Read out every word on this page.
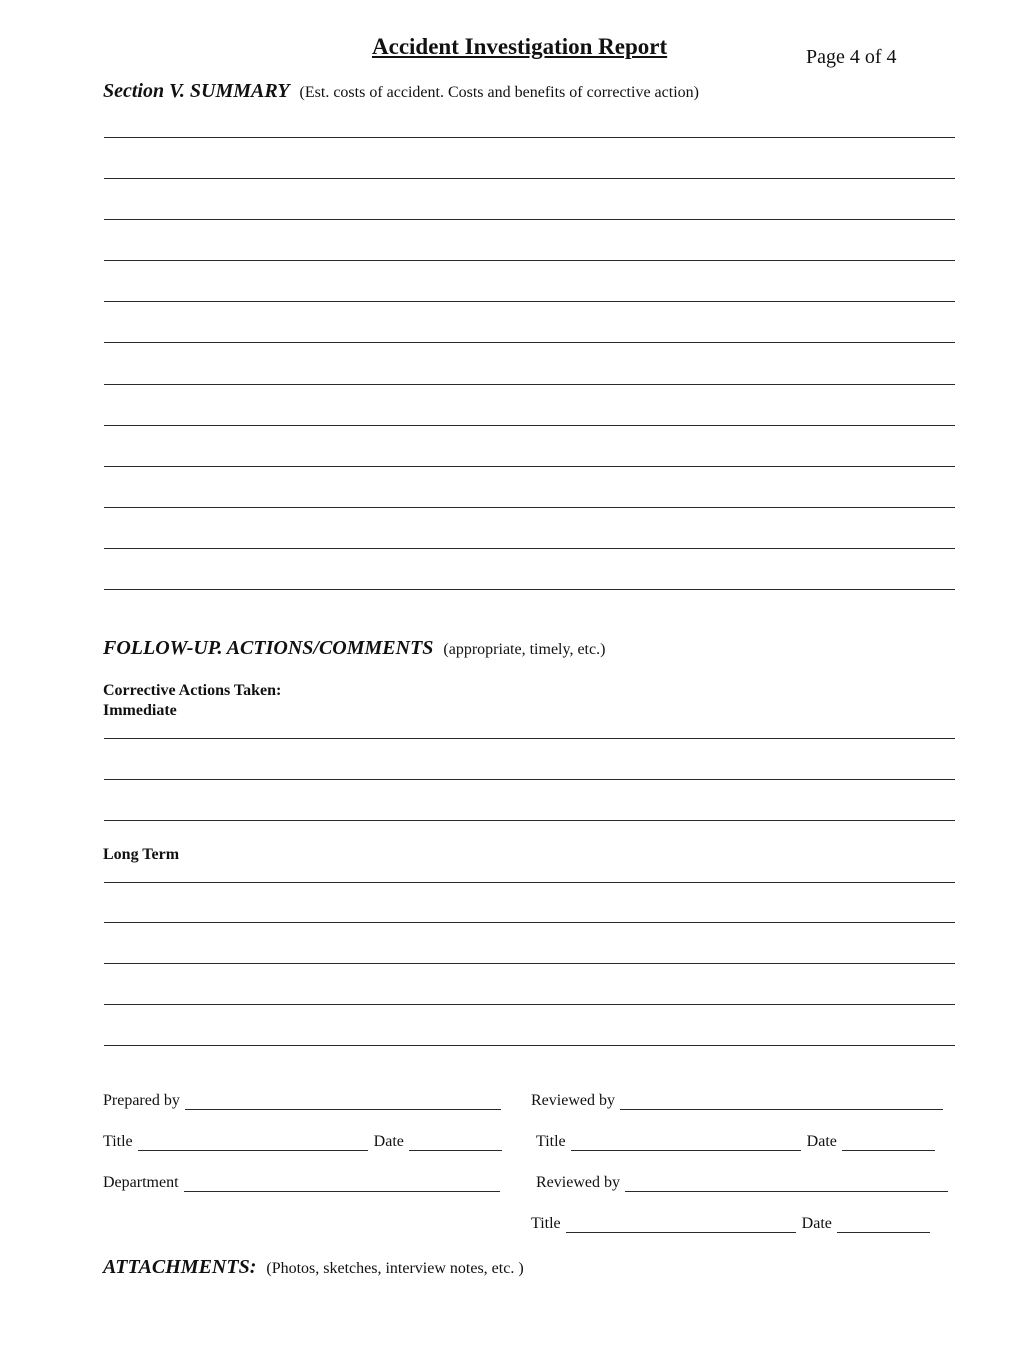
Accident Investigation Report	Page 4 of 4
Section V. SUMMARY (Est. costs of accident. Costs and benefits of corrective action)
FOLLOW-UP. ACTIONS/COMMENTS (appropriate, timely, etc.)
Corrective Actions Taken:
Immediate
Long Term
Prepared by
Title	Date
Department
Reviewed by
Title	Date
Reviewed by
Title	Date
ATTACHMENTS: (Photos, sketches, interview notes, etc. )
